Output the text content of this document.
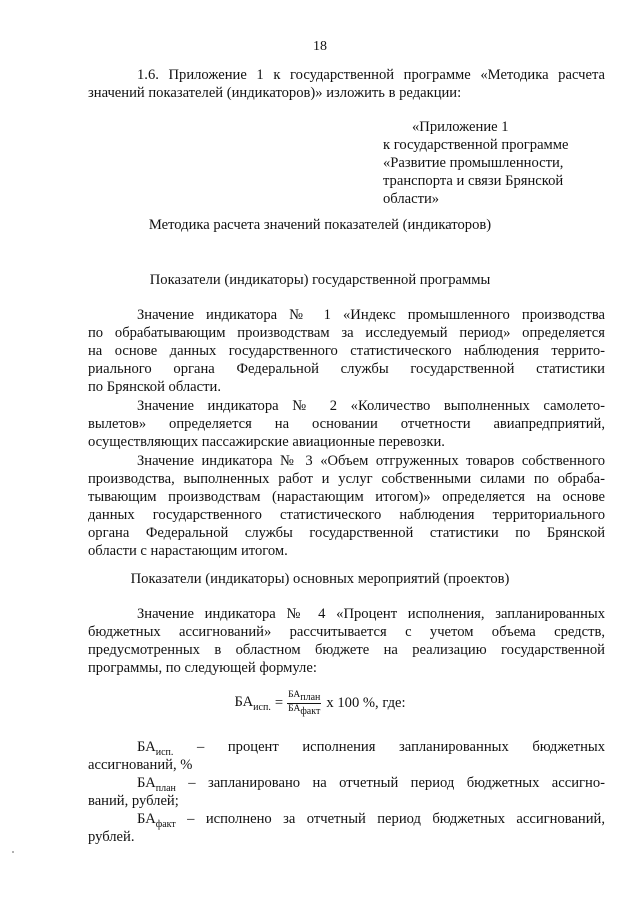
18
1.6. Приложение 1 к государственной программе «Методика расчета
значений показателей (индикаторов)» изложить в редакции:
«Приложение 1
к государственной программе
«Развитие промышленности,
транспорта и связи Брянской
области»
Методика расчета значений показателей (индикаторов)
Показатели (индикаторы) государственной программы
Значение индикатора № 1 «Индекс промышленного производства
по обрабатывающим производствам за исследуемый период» определяется
на основе данных государственного статистического наблюдения террито-
риального органа Федеральной службы государственной статистики
по Брянской области.
Значение индикатора № 2 «Количество выполненных самолето-
вылетов» определяется на основании отчетности авиапредприятий,
осуществляющих пассажирские авиационные перевозки.
Значение индикатора № 3 «Объем отгруженных товаров собственного
производства, выполненных работ и услуг собственными силами по обраба-
тывающим производствам (нарастающим итогом)» определяется на основе
данных государственного статистического наблюдения территориального
органа Федеральной службы государственной статистики по Брянской
области с нарастающим итогом.
Показатели (индикаторы) основных мероприятий (проектов)
Значение индикатора № 4 «Процент исполнения, запланированных
бюджетных ассигнований» рассчитывается с учетом объема средств,
предусмотренных в областном бюджете на реализацию государственной
программы, по следующей формуле:
$БА_{исп.} = \frac{БА_{план}}{БА_{факт}}$ х 100 %, где:
$БА_{исп.}$ – процент исполнения запланированных бюджетных
ассигнований, %
$БА_{план}$ – запланировано на отчетный период бюджетных ассигно-
ваний, рублей;
$БА_{факт}$ – исполнено за отчетный период бюджетных ассигнований,
рублей.
